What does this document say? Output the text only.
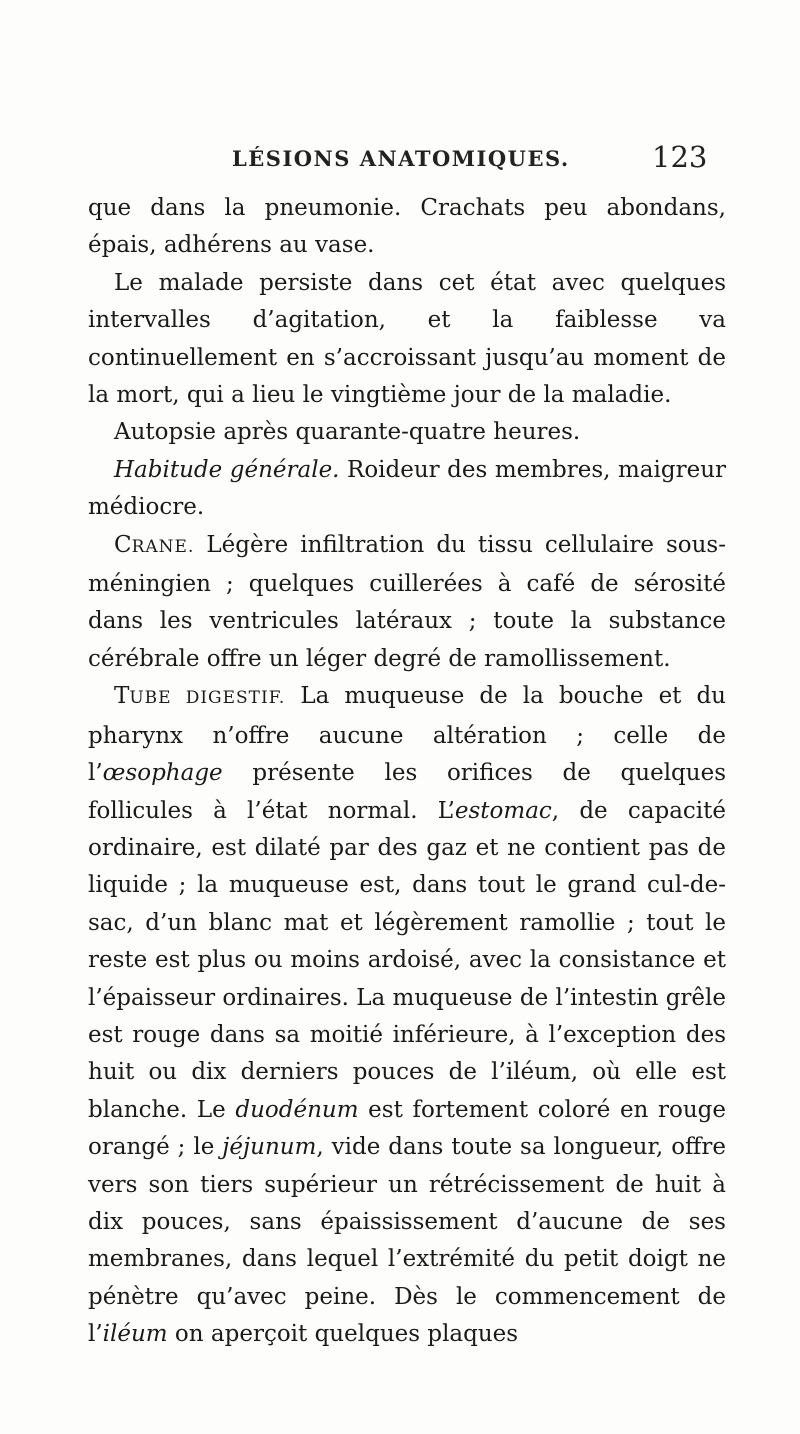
LÉSIONS ANATOMIQUES.	123

que dans la pneumonie. Crachats peu abondans, épais, adhérens au vase.

Le malade persiste dans cet état avec quelques intervalles d’agitation, et la faiblesse va continuellement en s’accroissant jusqu’au moment de la mort, qui a lieu le vingtième jour de la maladie.

Autopsie après quarante-quatre heures.

Habitude générale. Roideur des membres, maigreur médiocre.

CRANE. Légère infiltration du tissu cellulaire sous-méningien ; quelques cuillerées à café de sérosité dans les ventricules latéraux ; toute la substance cérébrale offre un léger degré de ramollissement.

TUBE DIGESTIF. La muqueuse de la bouche et du pharynx n’offre aucune altération ; celle de l’œsophage présente les orifices de quelques follicules à l’état normal. L’estomac, de capacité ordinaire, est dilaté par des gaz et ne contient pas de liquide ; la muqueuse est, dans tout le grand cul-de-sac, d’un blanc mat et légèrement ramollie ; tout le reste est plus ou moins ardoisé, avec la consistance et l’épaisseur ordinaires. La muqueuse de l’intestin grêle est rouge dans sa moitié inférieure, à l’exception des huit ou dix derniers pouces de l’iléum, où elle est blanche. Le duodénum est fortement coloré en rouge orangé ; le jéjunum, vide dans toute sa longueur, offre vers son tiers supérieur un rétrécissement de huit à dix pouces, sans épaississement d’aucune de ses membranes, dans lequel l’extrémité du petit doigt ne pénètre qu’avec peine. Dès le commencement de l’iléum on aperçoit quelques plaques
